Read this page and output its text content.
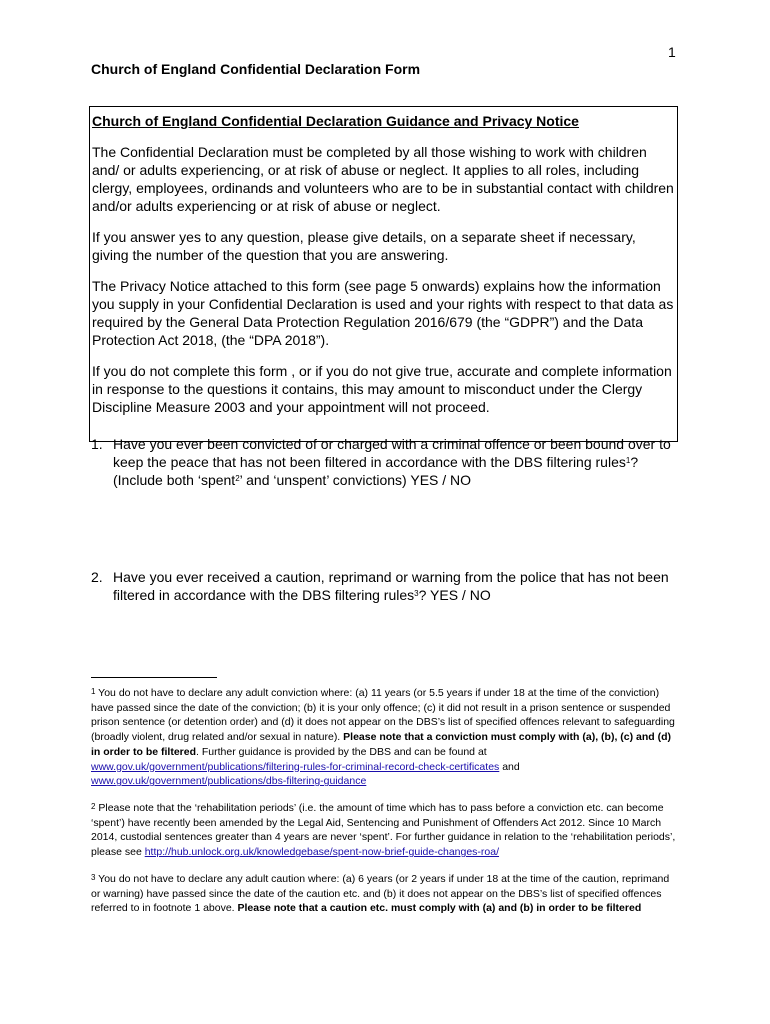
1
Church of England Confidential Declaration Form
Church of England Confidential Declaration Guidance and Privacy Notice

The Confidential Declaration must be completed by all those wishing to work with children and/ or adults experiencing, or at risk of abuse or neglect. It applies to all roles, including clergy, employees, ordinands and volunteers who are to be in substantial contact with children and/or adults experiencing or at risk of abuse or neglect.

If you answer yes to any question, please give details, on a separate sheet if necessary, giving the number of the question that you are answering.

The Privacy Notice attached to this form (see page 5 onwards) explains how the information you supply in your Confidential Declaration is used and your rights with respect to that data as required by the General Data Protection Regulation 2016/679 (the “GDPR”) and the Data Protection Act 2018, (the “DPA 2018”).

If you do not complete this form , or if you do not give true, accurate and complete information in response to the questions it contains, this may amount to misconduct under the Clergy Discipline Measure 2003 and your appointment will not proceed.

1. Have you ever been convicted of or charged with a criminal offence or been bound over to keep the peace that has not been filtered in accordance with the DBS filtering rules$^1$? (Include both ‘spent$^2$’ and ‘unspent’ convictions) YES / NO
2. Have you ever received a caution, reprimand or warning from the police that has not been filtered in accordance with the DBS filtering rules$^3$? YES / NO
$^1$ You do not have to declare any adult conviction where: (a) 11 years (or 5.5 years if under 18 at the time of the conviction) have passed since the date of the conviction; (b) it is your only offence; (c) it did not result in a prison sentence or suspended prison sentence (or detention order) and (d) it does not appear on the DBS’s list of specified offences relevant to safeguarding (broadly violent, drug related and/or sexual in nature). Please note that a conviction must comply with (a), (b), (c) and (d) in order to be filtered. Further guidance is provided by the DBS and can be found at www.gov.uk/government/publications/filtering-rules-for-criminal-record-check-certificates and www.gov.uk/government/publications/dbs-filtering-guidance
$^2$ Please note that the ‘rehabilitation periods’ (i.e. the amount of time which has to pass before a conviction etc. can become ‘spent’) have recently been amended by the Legal Aid, Sentencing and Punishment of Offenders Act 2012. Since 10 March 2014, custodial sentences greater than 4 years are never ‘spent’. For further guidance in relation to the ‘rehabilitation periods’, please see http://hub.unlock.org.uk/knowledgebase/spent-now-brief-guide-changes-roa/
$^3$ You do not have to declare any adult caution where: (a) 6 years (or 2 years if under 18 at the time of the caution, reprimand or warning) have passed since the date of the caution etc. and (b) it does not appear on the DBS’s list of specified offences referred to in footnote 1 above. Please note that a caution etc. must comply with (a) and (b) in order to be filtered
